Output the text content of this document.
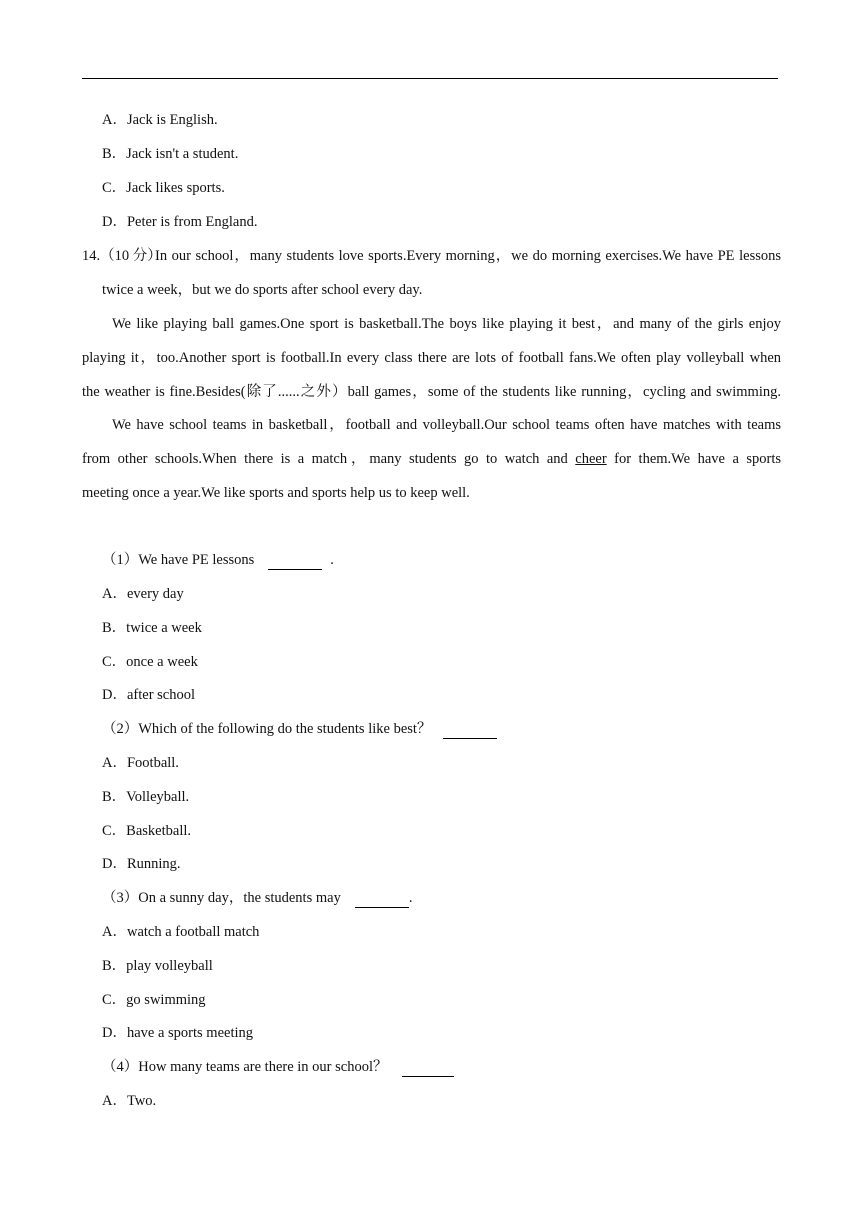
A．Jack is English.
B．Jack isn't a student.
C．Jack likes sports.
D．Peter is from England.
14.（10 分）
In our school，many students love sports.Every morning，we do morning exercises.We have PE lessons
twice a week，but we do sports after school every day.
We like playing ball games.One sport is basketball.The boys like playing it best，and many of the girls enjoy
playing it，too.Another sport is football.In every class there are lots of football fans.We often play volleyball when
the weather is fine.Besides(除了......之外）ball games，some of the students like running，cycling and swimming.
We have school teams in basketball，football and volleyball.Our school teams often have matches with teams
from other schools.When there is a match，many students go to watch and cheer for them.We have a sports
meeting once a year.We like sports and sports help us to keep well.
（1）We have PE lessons	.
A．every day
B．twice a week
C．once a week
D．after school
（2）Which of the following do the students like best？
A．Football.
B．Volleyball.
C．Basketball.
D．Running.
（3）On a sunny day，the students may	.
A．watch a football match
B．play volleyball
C．go swimming
D．have a sports meeting
（4）How many teams are there in our school？
A．Two.
